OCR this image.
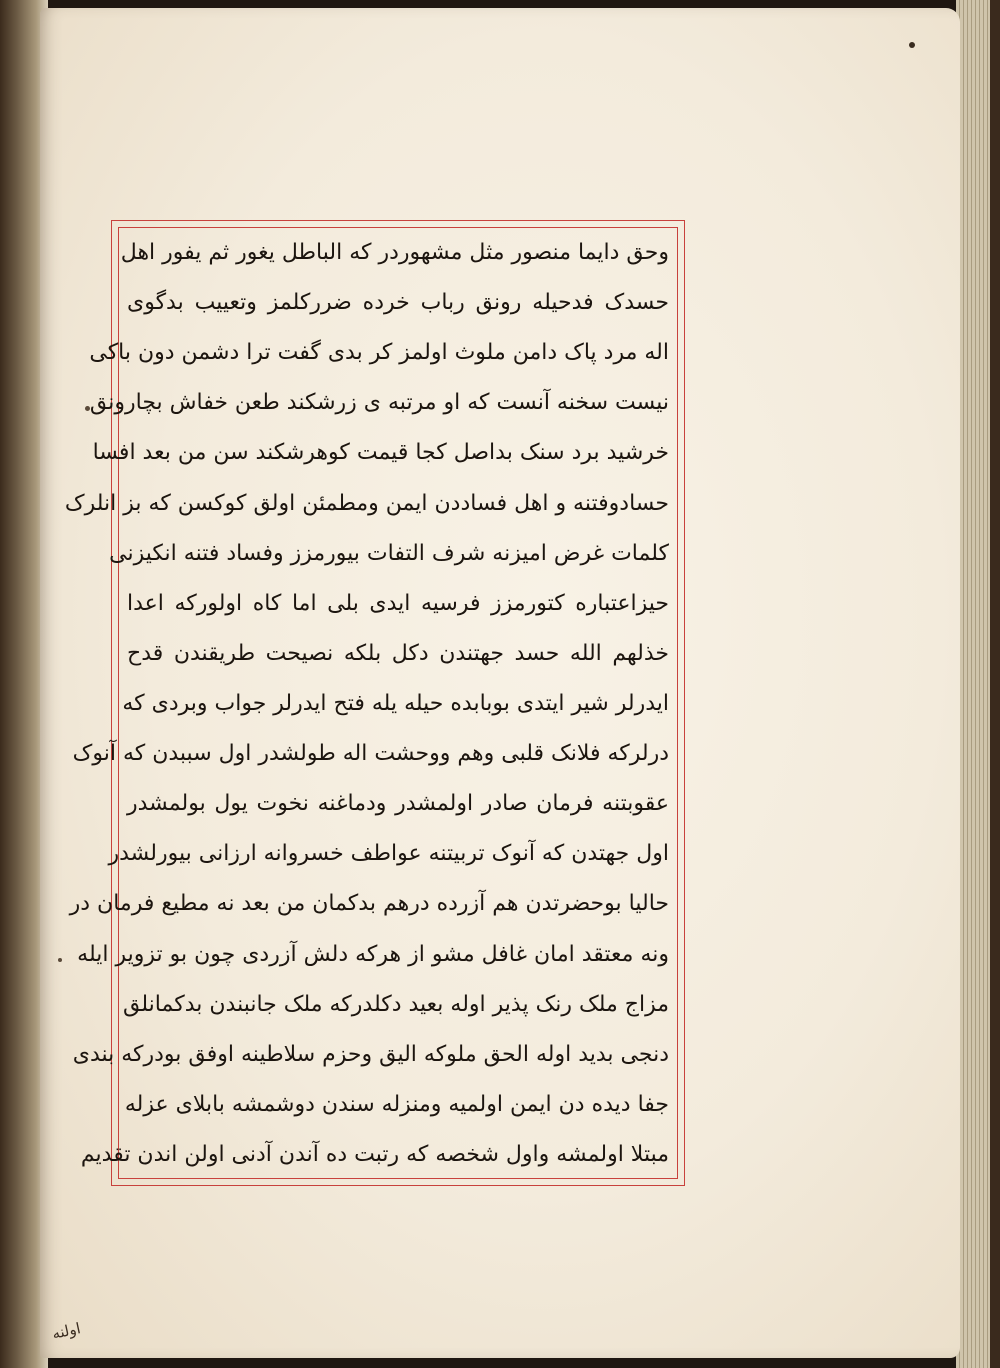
وحق دایما منصور مثل مشهوردر که الباطل یغور ثم یفور اهل
حسدک فدحیله رونق رباب خرده ضررکلمز وتعییب بدگوی
اله مرد پاک دامن ملوث اولمز کر بدی گفت ترا دشمن دون باکی
نیست سخنه آنست که او مرتبه ی زرشکند طعن خفاش بچارونق
خرشید برد سنک بداصل کجا قیمت کوهرشکند سن من بعد افسا
حسادوفتنه و اهل فساددن ایمن ومطمئن اولق کوکسن که بز انلرک
کلمات غرض امیزنه شرف التفات بیورمزز وفساد فتنه انکیزنی
حیزاعتباره کتورمزز فرسیه ایدی بلی اما کاه اولورکه اعدا
خذلهم الله حسد جهتندن دکل بلکه نصیحت طریقندن قدح
ایدرلر شیر ایتدی بوبابده حیله یله فتح ایدرلر جواب وبردی که
درلرکه فلانک قلبی وهم ووحشت اله طولشدر اول سببدن که آنوک
عقوبتنه فرمان صادر اولمشدر ودماغنه نخوت یول بولمشدر
اول جهتدن که آنوک تربیتنه عواطف خسروانه ارزانی بیورلشدر
حالیا بوحضرتدن هم آزرده درهم بدکمان من بعد نه مطیع فرمان در
ونه معتقد امان غافل مشو از هرکه دلش آزردی چون بو تزویر ایله
مزاج ملک رنک پذیر اوله بعید دکلدرکه ملک جانبندن بدکمانلق
دنجی بدید اوله الحق ملوکه الیق وحزم سلاطینه اوفق بودرکه بندی
جفا دیده دن ایمن اولمیه ومنزله سندن دوشمشه بابلای عزله
مبتلا اولمشه واول شخصه که رتبت ده آندن آدنی اولن اندن تقدیم
اولنه
